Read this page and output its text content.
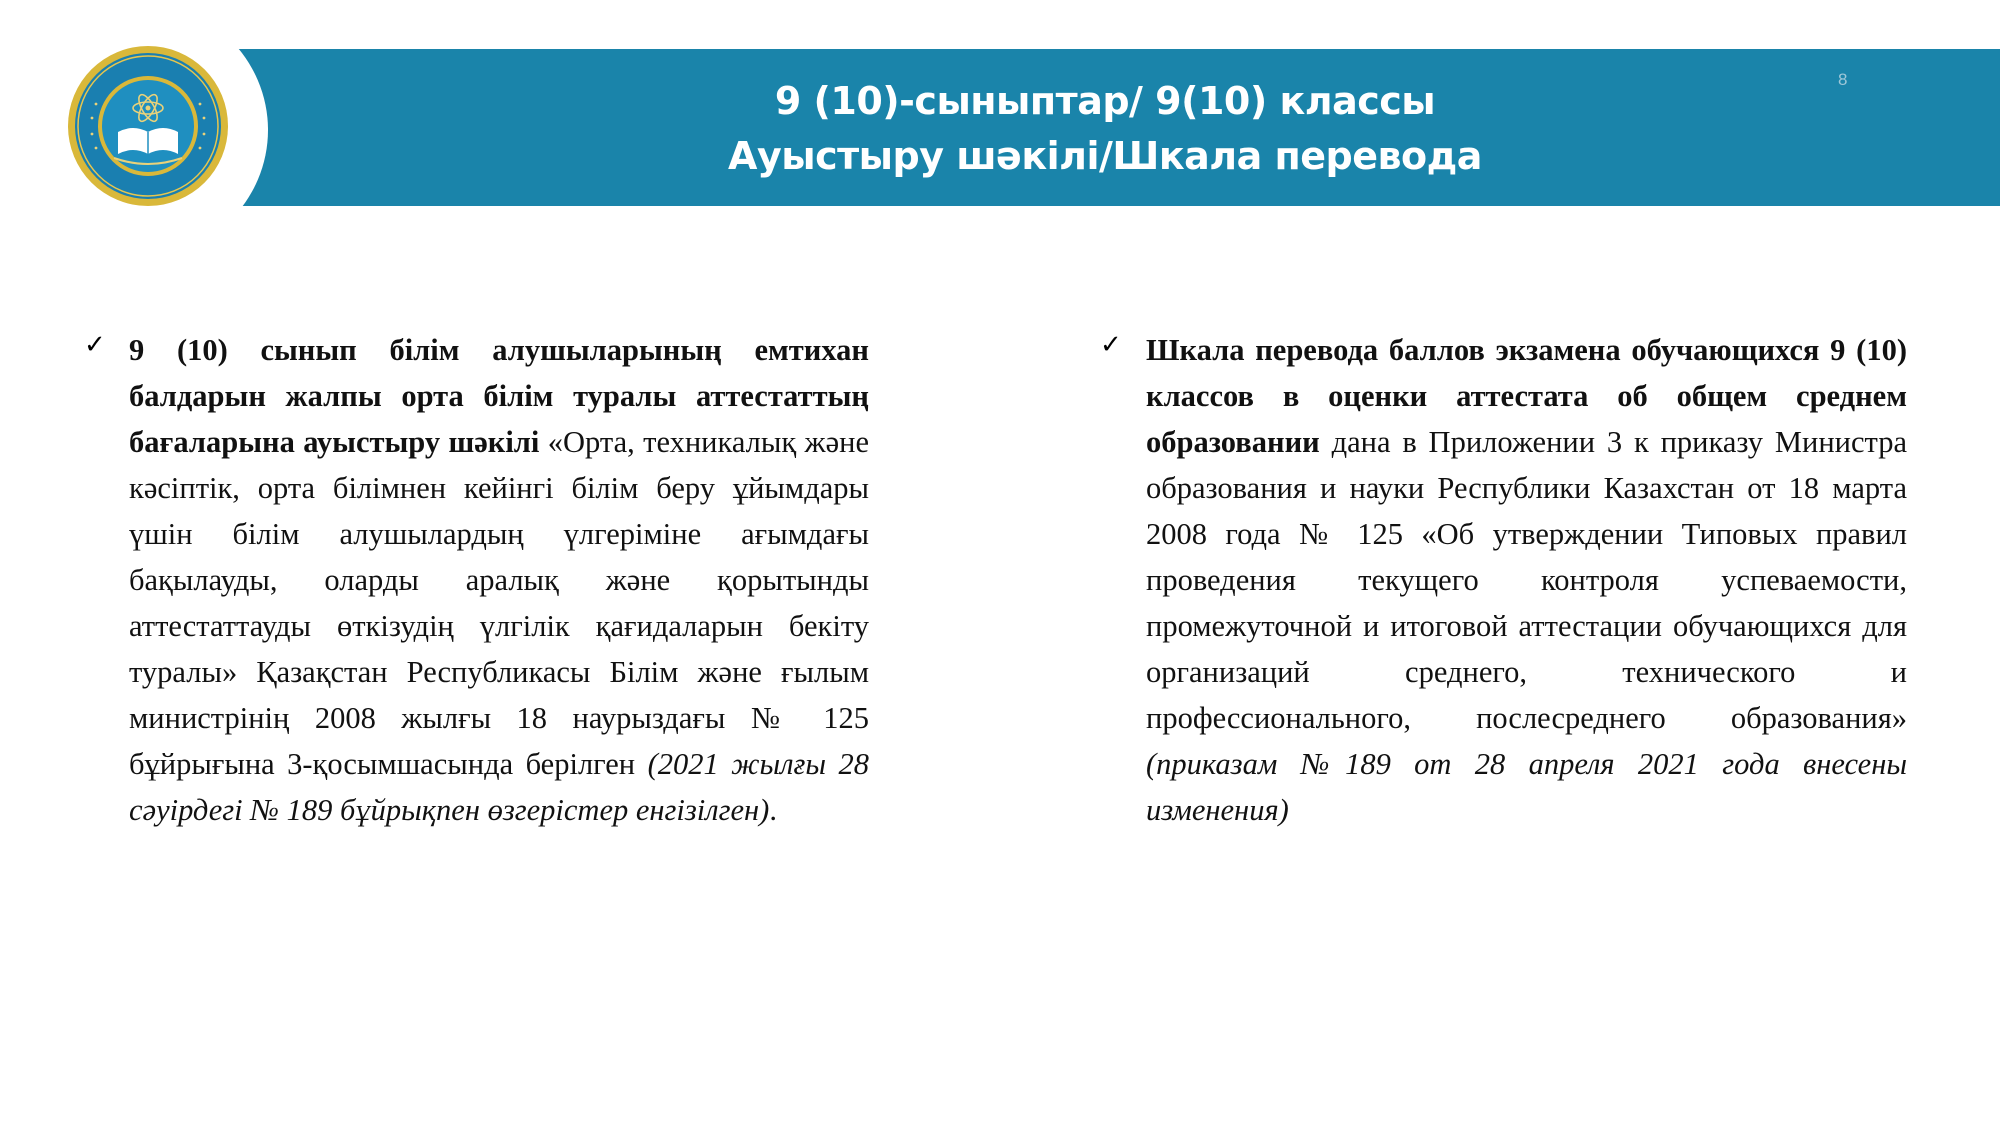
9 (10)-сыныптар/ 9(10) классы
Ауыстыру шәкілі/Шкала перевода
8
✓ 9 (10) сынып білім алушыларының емтихан балдарын жалпы орта білім туралы аттестаттың бағаларына ауыстыру шәкілі «Орта, техникалық және кәсіптік, орта білімнен кейінгі білім беру ұйымдары үшін білім алушылардың үлгеріміне ағымдағы бақылауды, оларды аралық және қорытынды аттестаттауды өткізудің үлгілік қағидаларын бекіту туралы» Қазақстан Республикасы Білім және ғылым министрінің 2008 жылғы 18 наурыздағы № 125 бұйрығына 3-қосымшасында берілген (2021 жылғы 28 сәуірдегі № 189 бұйрықпен өзгерістер енгізілген).
✓ Шкала перевода баллов экзамена обучающихся 9 (10) классов в оценки аттестата об общем среднем образовании дана в Приложении 3 к приказу Министра образования и науки Республики Казахстан от 18 марта 2008 года № 125 «Об утверждении Типовых правил проведения текущего контроля успеваемости, промежуточной и итоговой аттестации обучающихся для организаций среднего, технического и профессионального, послесреднего образования» (приказам №189 от 28 апреля 2021 года внесены изменения)
